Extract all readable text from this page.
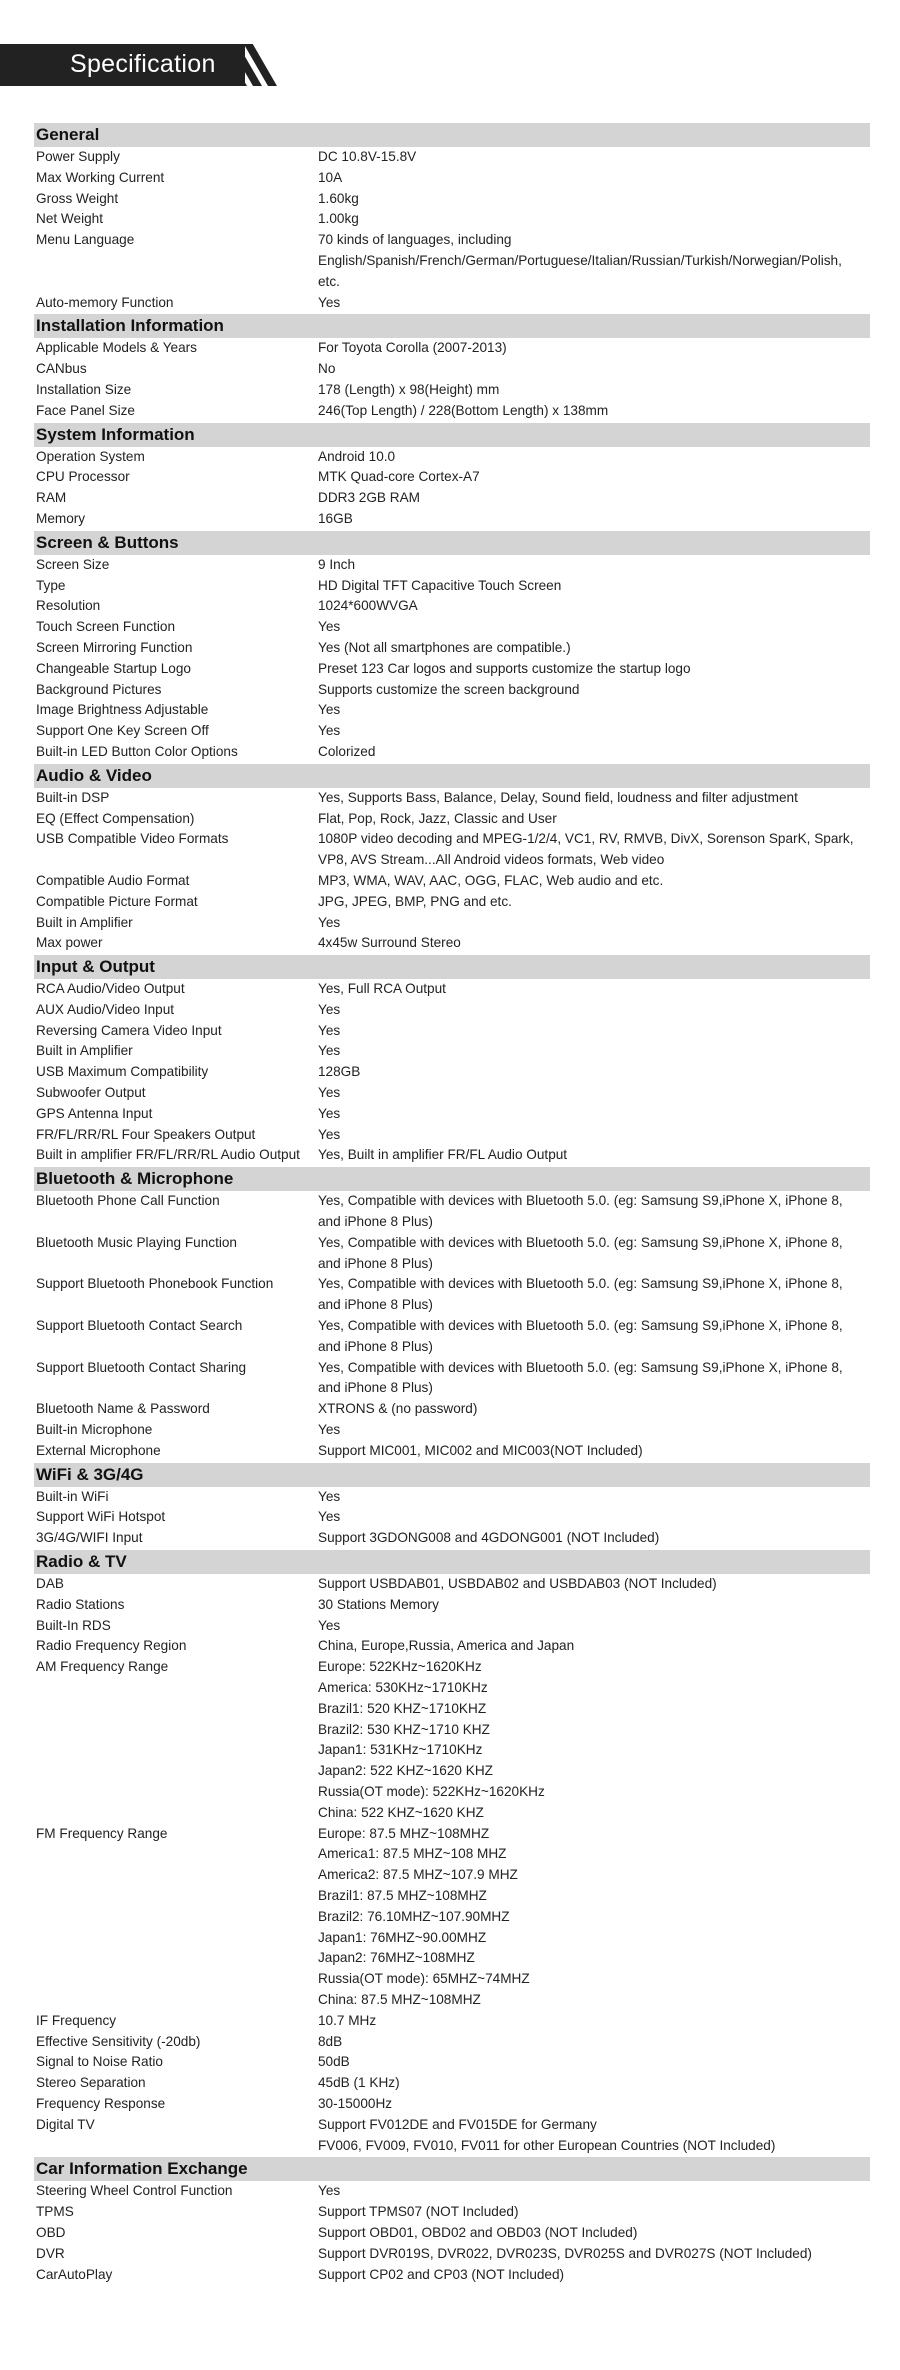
Specification
General
Power Supply	DC 10.8V-15.8V
Max Working Current	10A
Gross Weight	1.60kg
Net Weight	1.00kg
Menu Language	70 kinds of languages, including
English/Spanish/French/German/Portuguese/Italian/Russian/Turkish/Norwegian/Polish,
etc.
Auto-memory Function	Yes
Installation Information
Applicable Models & Years	For Toyota Corolla (2007-2013)
CANbus	No
Installation Size	178 (Length) x 98(Height) mm
Face Panel Size	246(Top Length) / 228(Bottom Length) x 138mm
System Information
Operation System	Android 10.0
CPU Processor	MTK Quad-core Cortex-A7
RAM	DDR3 2GB RAM
Memory	16GB
Screen & Buttons
Screen Size	9 Inch
Type	HD Digital TFT Capacitive Touch Screen
Resolution	1024*600WVGA
Touch Screen Function	Yes
Screen Mirroring Function	Yes (Not all smartphones are compatible.)
Changeable Startup Logo	Preset 123 Car logos and supports customize the startup logo
Background Pictures	Supports customize the screen background
Image Brightness Adjustable	Yes
Support One Key Screen Off	Yes
Built-in LED Button Color Options	Colorized
Audio & Video
Built-in DSP	Yes, Supports Bass, Balance, Delay, Sound field, loudness and filter adjustment
EQ (Effect Compensation)	Flat, Pop, Rock, Jazz, Classic and User
USB Compatible Video Formats	1080P video decoding and MPEG-1/2/4, VC1, RV, RMVB, DivX, Sorenson SparK, Spark,
VP8, AVS Stream...All Android videos formats, Web video
Compatible Audio Format	MP3, WMA, WAV, AAC, OGG, FLAC, Web audio and etc.
Compatible Picture Format	JPG, JPEG, BMP, PNG and etc.
Built in Amplifier	Yes
Max power	4x45w Surround Stereo
Input & Output
RCA Audio/Video Output	Yes, Full RCA Output
AUX Audio/Video Input	Yes
Reversing Camera Video Input	Yes
Built in Amplifier	Yes
USB Maximum Compatibility	128GB
Subwoofer Output	Yes
GPS Antenna Input	Yes
FR/FL/RR/RL Four Speakers Output	Yes
Built in amplifier FR/FL/RR/RL Audio Output	Yes, Built in amplifier FR/FL Audio Output
Bluetooth & Microphone
Bluetooth Phone Call Function	Yes, Compatible with devices with Bluetooth 5.0. (eg: Samsung S9,iPhone X, iPhone 8,
and iPhone 8 Plus)
Bluetooth Music Playing Function	Yes, Compatible with devices with Bluetooth 5.0. (eg: Samsung S9,iPhone X, iPhone 8,
and iPhone 8 Plus)
Support Bluetooth Phonebook Function	Yes, Compatible with devices with Bluetooth 5.0. (eg: Samsung S9,iPhone X, iPhone 8,
and iPhone 8 Plus)
Support Bluetooth Contact Search	Yes, Compatible with devices with Bluetooth 5.0. (eg: Samsung S9,iPhone X, iPhone 8,
and iPhone 8 Plus)
Support Bluetooth Contact Sharing	Yes, Compatible with devices with Bluetooth 5.0. (eg: Samsung S9,iPhone X, iPhone 8,
and iPhone 8 Plus)
Bluetooth Name & Password	XTRONS & (no password)
Built-in Microphone	Yes
External Microphone	Support MIC001, MIC002 and MIC003(NOT Included)
WiFi & 3G/4G
Built-in WiFi	Yes
Support WiFi Hotspot	Yes
3G/4G/WIFI Input	Support 3GDONG008 and 4GDONG001 (NOT Included)
Radio & TV
DAB	Support USBDAB01, USBDAB02 and USBDAB03 (NOT Included)
Radio Stations	30 Stations Memory
Built-In RDS	Yes
Radio Frequency Region	China, Europe,Russia, America and Japan
AM Frequency Range	Europe: 522KHz~1620KHz
America: 530KHz~1710KHz
Brazil1: 520 KHZ~1710KHZ
Brazil2: 530 KHZ~1710 KHZ
Japan1: 531KHz~1710KHz
Japan2: 522 KHZ~1620 KHZ
Russia(OT mode): 522KHz~1620KHz
China: 522 KHZ~1620 KHZ
FM Frequency Range	Europe: 87.5 MHZ~108MHZ
America1: 87.5 MHZ~108 MHZ
America2: 87.5 MHZ~107.9 MHZ
Brazil1: 87.5 MHZ~108MHZ
Brazil2: 76.10MHZ~107.90MHZ
Japan1: 76MHZ~90.00MHZ
Japan2: 76MHZ~108MHZ
Russia(OT mode): 65MHZ~74MHZ
China: 87.5 MHZ~108MHZ
IF Frequency	10.7 MHz
Effective Sensitivity (-20db)	8dB
Signal to Noise Ratio	50dB
Stereo Separation	45dB (1 KHz)
Frequency Response	30-15000Hz
Digital TV	Support FV012DE and FV015DE for Germany
FV006, FV009, FV010, FV011 for other European Countries (NOT Included)
Car Information Exchange
Steering Wheel Control Function	Yes
TPMS	Support TPMS07 (NOT Included)
OBD	Support OBD01, OBD02 and OBD03 (NOT Included)
DVR	Support DVR019S, DVR022, DVR023S, DVR025S and DVR027S (NOT Included)
CarAutoPlay	Support CP02 and CP03 (NOT Included)
